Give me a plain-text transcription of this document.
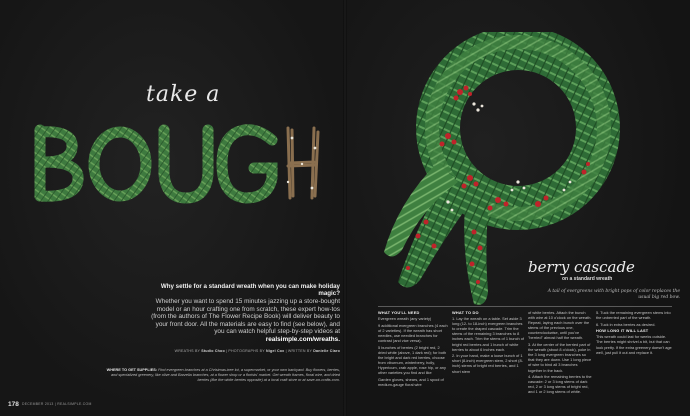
take a
Why settle for a standard wreath when you can make holiday magic?
Whether you want to spend 15 minutes jazzing up a store-bought model or an hour crafting one from scratch, these expert how-tos (from the authors of The Flower Recipe Book) will deliver beauty to your front door. All the materials are easy to find (see below), and you can watch helpful step-by-step videos at realsimple.com/wreaths.
WREATHS BY Studio Choo | PHOTOGRAPHS BY Nigel Cox | WRITTEN BY Danielle Claro
WHERE TO GET SUPPLIES: Find evergreen branches at a Christmas-tree lot, a supermarket, or your own backyard. Buy flowers, berries, and specialized greenery, like olive and Barzelia branches, at a flower shop or a florists' market. Get wreath frames, floral wire, and dried berries (like the white berries opposite) at a local craft store or at save-on-crafts.com.
178 DECEMBER 2013 | REALSIMPLE.COM
berry cascade
on a standard wreath
A tail of evergreens with bright pops of color replaces the usual big red bow.
WHAT YOU'LL NEED

Evergreen wreath (any variety)

9 additional evergreen branches (4 each of 2 varieties). If the wreath has short needles, use needled branches for contrast (and vice versa).

5 bunches of berries (2 bright red, 2 dried white (above, 1 dark red); for both the bright and dark red berries, choose from viburnum, winterberry, holly, Hypericum, crab apple, rose hip, or any other varieties you find and like

Garden gloves, shears, and 1 spool of medium-gauge floral wire

WHAT TO DO

1. Lay the wreath on a table. Set aside 3 long (12- to 18-inch) evergreen branches to create the draped cascade. Trim the stems of the remaining 3 branches to 8 inches each. Trim the stems of 1 bunch of bright red berries and 1 bunch of white berries to about 6 inches each.

2. In your hand, make a loose bunch of 1 short (8-inch) evergreen stem, 2 short (8-inch) stems of bright red berries, and 1 short stem

of white berries. Attach the bunch with wire at 10 o'clock on the wreath. Repeat, laying each bunch over the stems of the previous one, counterclockwise, until you've "berried" almost half the wreath.

3. At the center of the berried part of the wreath (about 8 o'clock), poke in the 3 long evergreen branches so that they are down. Use 1 long piece of wire to bind all 3 branches together in the back.

4. Attach the remaining berries to the cascade: 2 or 3 long stems of dark red, 2 or 3 long stems of bright red, and 1 or 2 long stems of white.

5. Tuck the remaining evergreen stems into the unberried part of the wreath.

6. Tuck in extra berries as desired.

HOW LONG IT WILL LAST

This wreath could last for weeks outside. The berries might shrivel a bit, but that can look pretty. If the extra greenery doesn't age well, just pull it out and replace it.
